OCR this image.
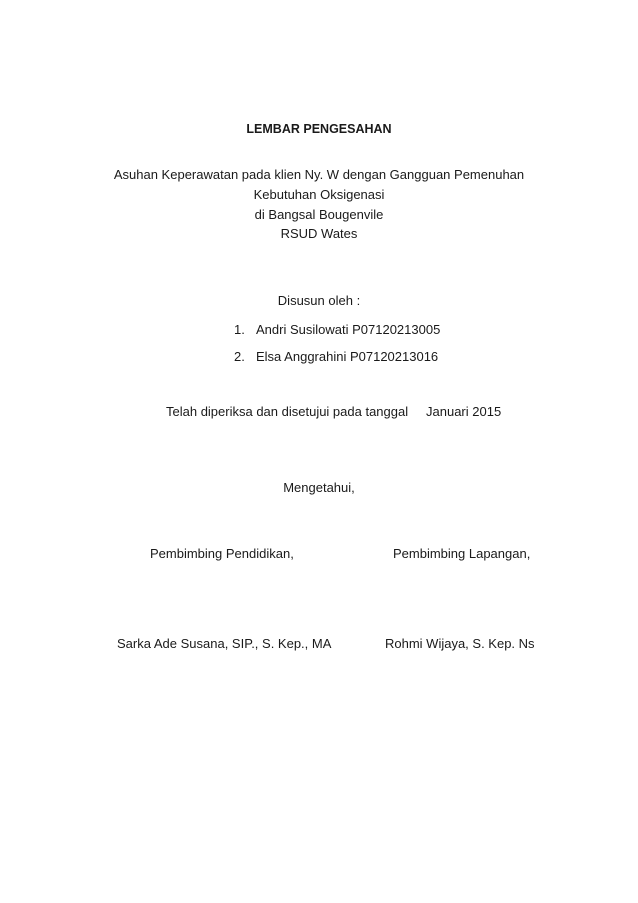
LEMBAR PENGESAHAN
Asuhan Keperawatan pada klien Ny. W dengan Gangguan Pemenuhan
Kebutuhan Oksigenasi
di Bangsal Bougenvile
RSUD Wates
Disusun oleh :
1. Andri Susilowati P07120213005
2. Elsa Anggrahini P07120213016
Telah diperiksa dan disetujui pada tanggal Januari 2015
Mengetahui,
Pembimbing Pendidikan,	Pembimbing Lapangan,
Sarka Ade Susana, SIP., S. Kep., MA	Rohmi Wijaya, S. Kep. Ns
